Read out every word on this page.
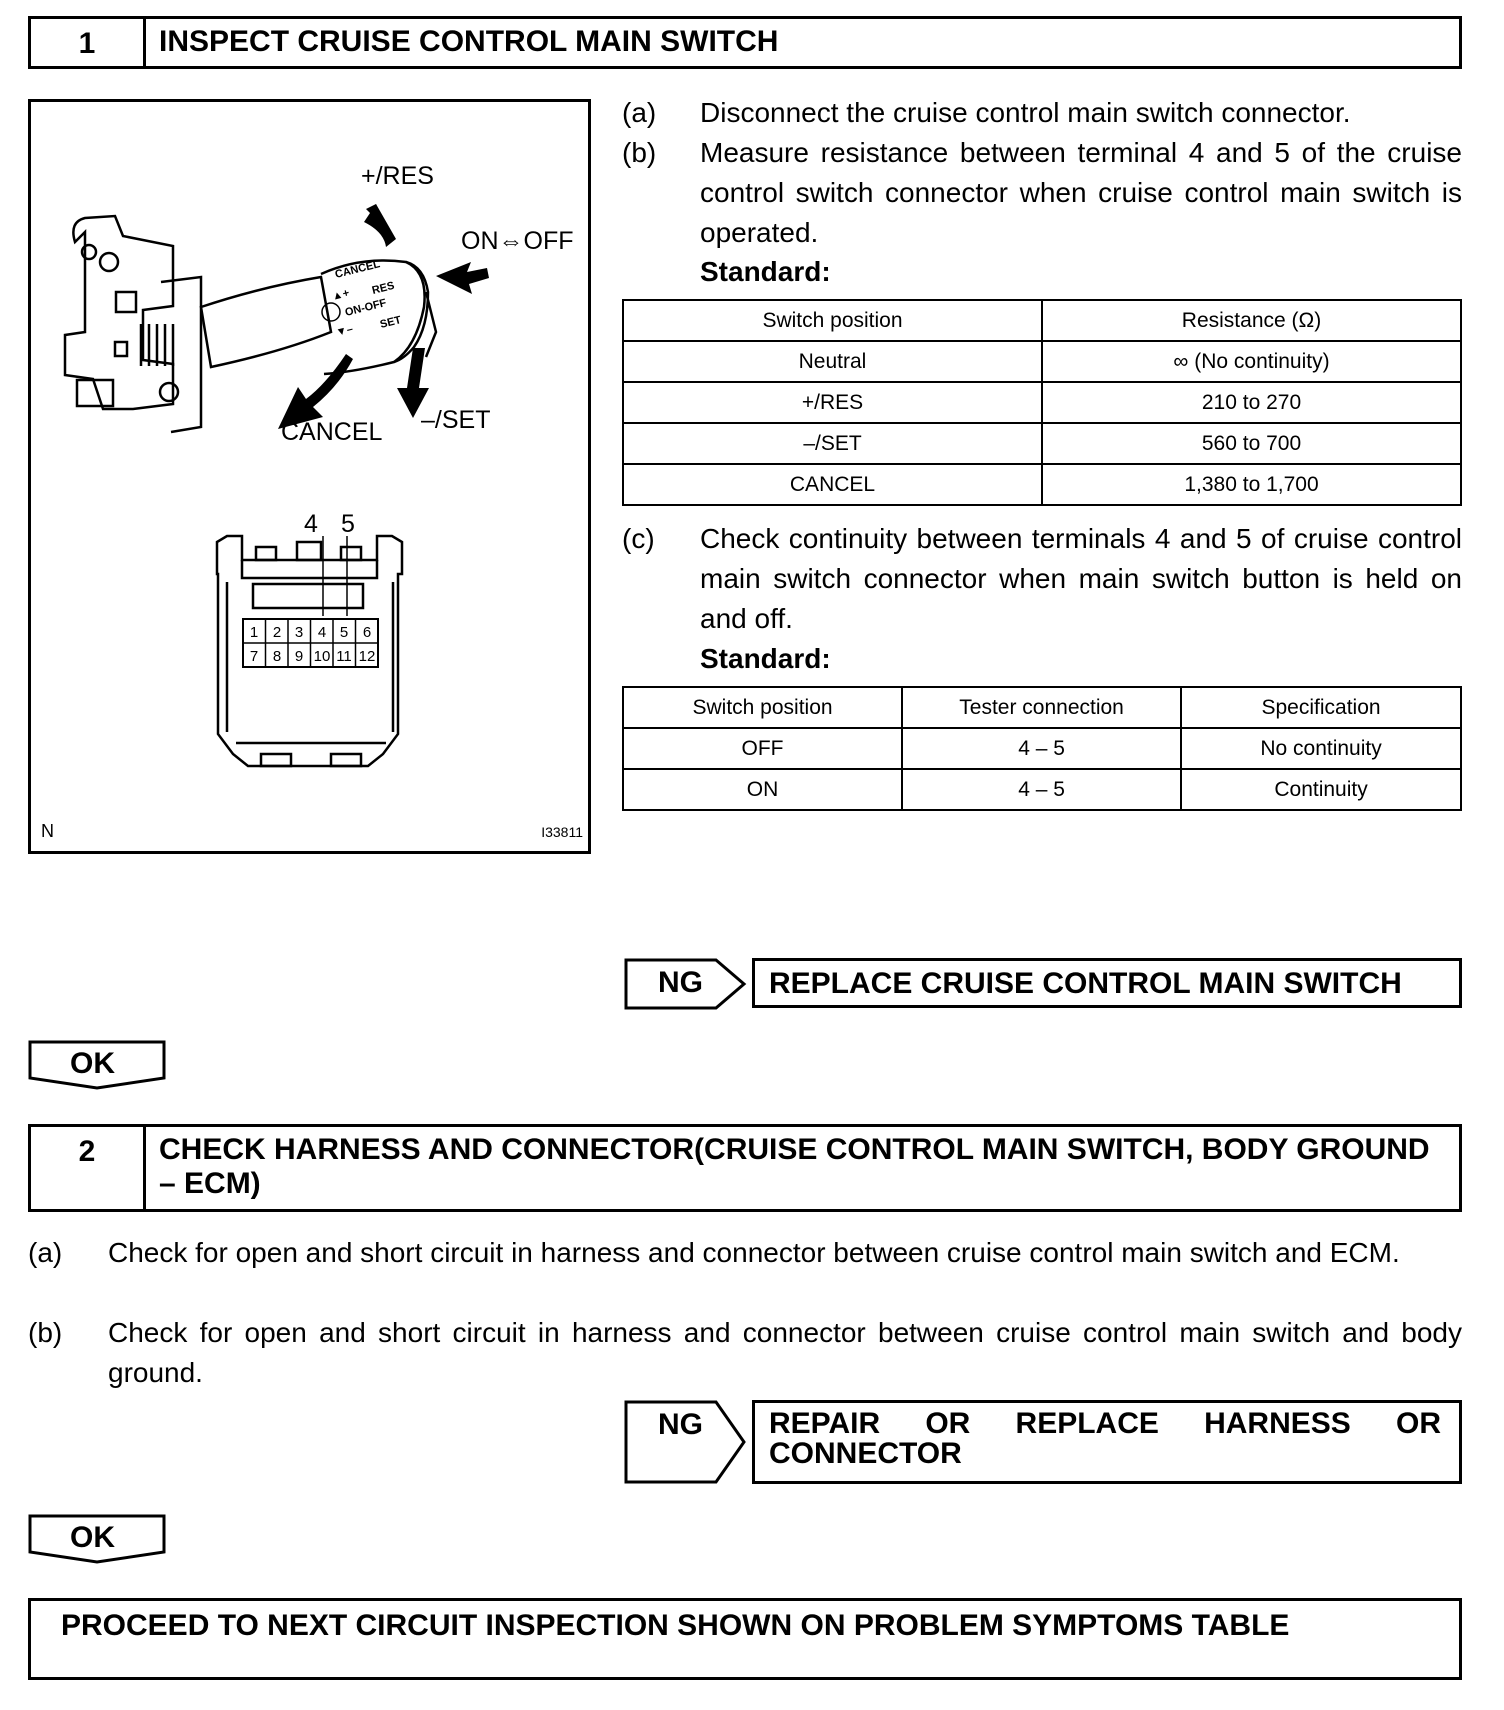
1	INSPECT CRUISE CONTROL MAIN SWITCH
CANCEL
RES
▲+
ON-OFF
▼–
SET
+/RES
ON⇔OFF
CANCEL –/SET
4 5
1 2 3 4 5 6
7 8 9 10 11 12
N	I33811
(a) Disconnect the cruise control main switch connector.
(b) Measure resistance between terminal 4 and 5 of the cruise control switch connector when cruise control main switch is operated.
Standard:
Switch position	Resistance (Ω)
Neutral	∞ (No continuity)
+/RES	210 to 270
–/SET	560 to 700
CANCEL	1,380 to 1,700
(c) Check continuity between terminals 4 and 5 of cruise control main switch connector when main switch button is held on and off.
Standard:
Switch position	Tester connection	Specification
OFF	4 – 5	No continuity
ON	4 – 5	Continuity
NG REPLACE CRUISE CONTROL MAIN SWITCH
OK
2	CHECK HARNESS AND CONNECTOR(CRUISE CONTROL MAIN SWITCH, BODY GROUND – ECM)
(a) Check for open and short circuit in harness and connector between cruise control main switch and ECM.
(b) Check for open and short circuit in harness and connector between cruise control main switch and body ground.
NG REPAIR OR REPLACE HARNESS OR CONNECTOR
OK
PROCEED TO NEXT CIRCUIT INSPECTION SHOWN ON PROBLEM SYMPTOMS TABLE
